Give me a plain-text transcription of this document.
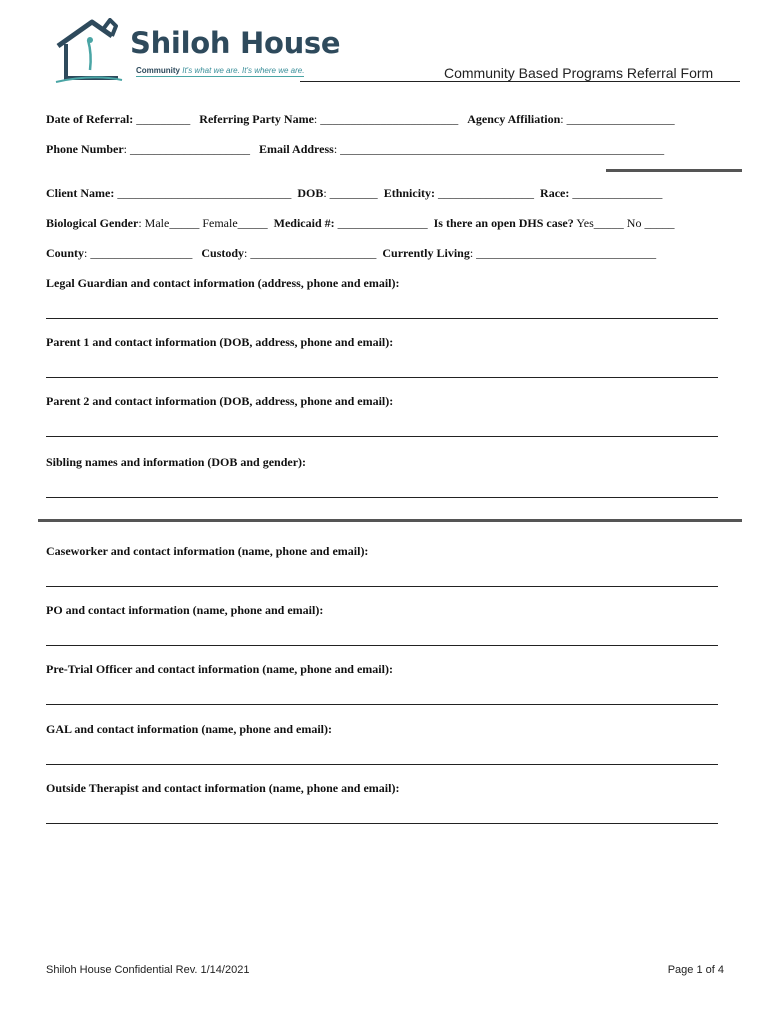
Shiloh House
Community It's what we are. It's where we are.	Community Based Programs Referral Form
Date of Referral: _________ Referring Party Name: _______________________ Agency Affiliation: __________________
Phone Number: ____________________ Email Address: ______________________________________________________
Client Name: _____________________________ DOB: ________ Ethnicity: ________________ Race: _______________
Biological Gender: Male_____ Female_____ Medicaid #: _______________ Is there an open DHS case? Yes_____ No _____
County: _________________ Custody: _____________________ Currently Living: ______________________________
Legal Guardian and contact information (address, phone and email):
Parent 1 and contact information (DOB, address, phone and email):
Parent 2 and contact information (DOB, address, phone and email):
Sibling names and information (DOB and gender):
Caseworker and contact information (name, phone and email):
PO and contact information (name, phone and email):
Pre-Trial Officer and contact information (name, phone and email):
GAL and contact information (name, phone and email):
Outside Therapist and contact information (name, phone and email):
Shiloh House Confidential Rev. 1/14/2021	Page 1 of 4
